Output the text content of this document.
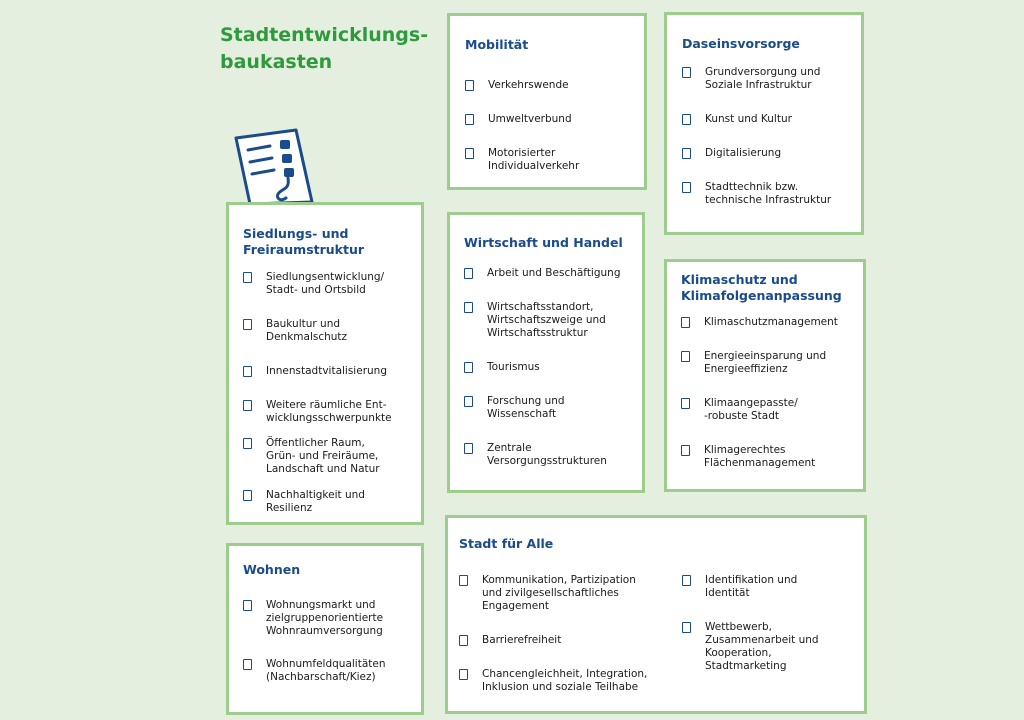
Stadtentwicklungs-
baukasten
Siedlungs- und
Freiraumstruktur
Siedlungsentwicklung/
Stadt- und Ortsbild
Baukultur und
Denkmalschutz
Innenstadtvitalisierung
Weitere räumliche Ent-
wicklungsschwerpunkte
Öffentlicher Raum,
Grün- und Freiräume,
Landschaft und Natur
Nachhaltigkeit und
Resilienz
Wohnen
Wohnungsmarkt und
zielgruppenorientierte
Wohnraumversorgung
Wohnumfeldqualitäten
(Nachbarschaft/Kiez)
Mobilität
Verkehrswende
Umweltverbund
Motorisierter
Individualverkehr
Wirtschaft und Handel
Arbeit und Beschäftigung
Wirtschaftsstandort,
Wirtschaftszweige und
Wirtschaftsstruktur
Tourismus
Forschung und
Wissenschaft
Zentrale
Versorgungsstrukturen
Daseinsvorsorge
Grundversorgung und
Soziale Infrastruktur
Kunst und Kultur
Digitalisierung
Stadttechnik bzw.
technische Infrastruktur
Klimaschutz und
Klimafolgenanpassung
Klimaschutzmanagement
Energieeinsparung und
Energieeffizienz
Klimaangepasste/
-robuste Stadt
Klimagerechtes
Flächenmanagement
Stadt für Alle
Kommunikation, Partizipation
und zivilgesellschaftliches
Engagement
Barrierefreiheit
Chancengleichheit, Integration,
Inklusion und soziale Teilhabe
Identifikation und
Identität
Wettbewerb,
Zusammenarbeit und
Kooperation,
Stadtmarketing
